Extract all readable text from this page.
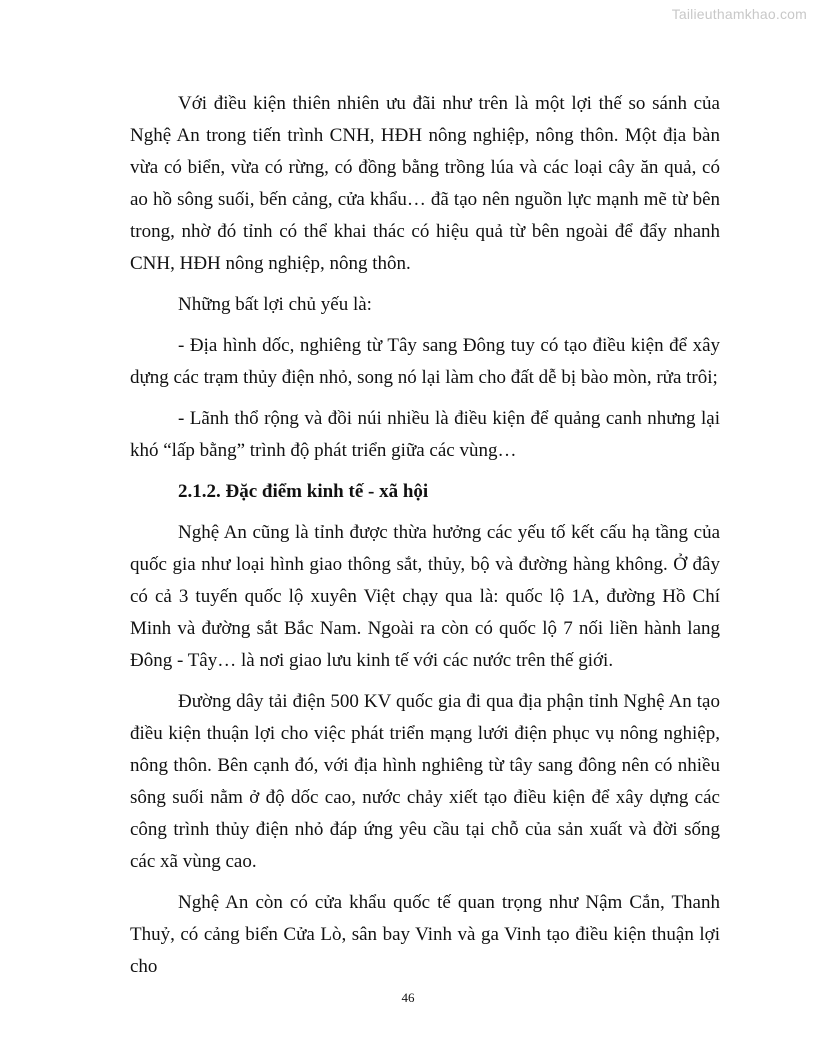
Tailieuthamkhao.com

Với điều kiện thiên nhiên ưu đãi như trên là một lợi thế so sánh của Nghệ An trong tiến trình CNH, HĐH nông nghiệp, nông thôn. Một địa bàn vừa có biển, vừa có rừng, có đồng bằng trồng lúa và các loại cây ăn quả, có ao hồ sông suối, bến cảng, cửa khẩu… đã tạo nên nguồn lực mạnh mẽ từ bên trong, nhờ đó tỉnh có thể khai thác có hiệu quả từ bên ngoài để đẩy nhanh CNH, HĐH nông nghiệp, nông thôn.

Những bất lợi chủ yếu là:

- Địa hình dốc, nghiêng từ Tây sang Đông tuy có tạo điều kiện để xây dựng các trạm thủy điện nhỏ, song nó lại làm cho đất dễ bị bào mòn, rửa trôi;

- Lãnh thổ rộng và đồi núi nhiều là điều kiện để quảng canh nhưng lại khó “lấp bằng” trình độ phát triển giữa các vùng…

2.1.2. Đặc điểm kinh tế - xã hội

Nghệ An cũng là tỉnh được thừa hưởng các yếu tố kết cấu hạ tầng của quốc gia như loại hình giao thông sắt, thủy, bộ và đường hàng không. Ở đây có cả 3 tuyến quốc lộ xuyên Việt chạy qua là: quốc lộ 1A, đường Hồ Chí Minh và đường sắt Bắc Nam. Ngoài ra còn có quốc lộ 7 nối liền hành lang Đông - Tây… là nơi giao lưu kinh tế với các nước trên thế giới.

Đường dây tải điện 500 KV quốc gia đi qua địa phận tỉnh Nghệ An tạo điều kiện thuận lợi cho việc phát triển mạng lưới điện phục vụ nông nghiệp, nông thôn. Bên cạnh đó, với địa hình nghiêng từ tây sang đông nên có nhiều sông suối nằm ở độ dốc cao, nước chảy xiết tạo điều kiện để xây dựng các công trình thủy điện nhỏ đáp ứng yêu cầu tại chỗ của sản xuất và đời sống các xã vùng cao.

Nghệ An còn có cửa khẩu quốc tế quan trọng như Nậm Cắn, Thanh Thuỷ, có cảng biển Cửa Lò, sân bay Vinh và ga Vinh tạo điều kiện thuận lợi cho

46
